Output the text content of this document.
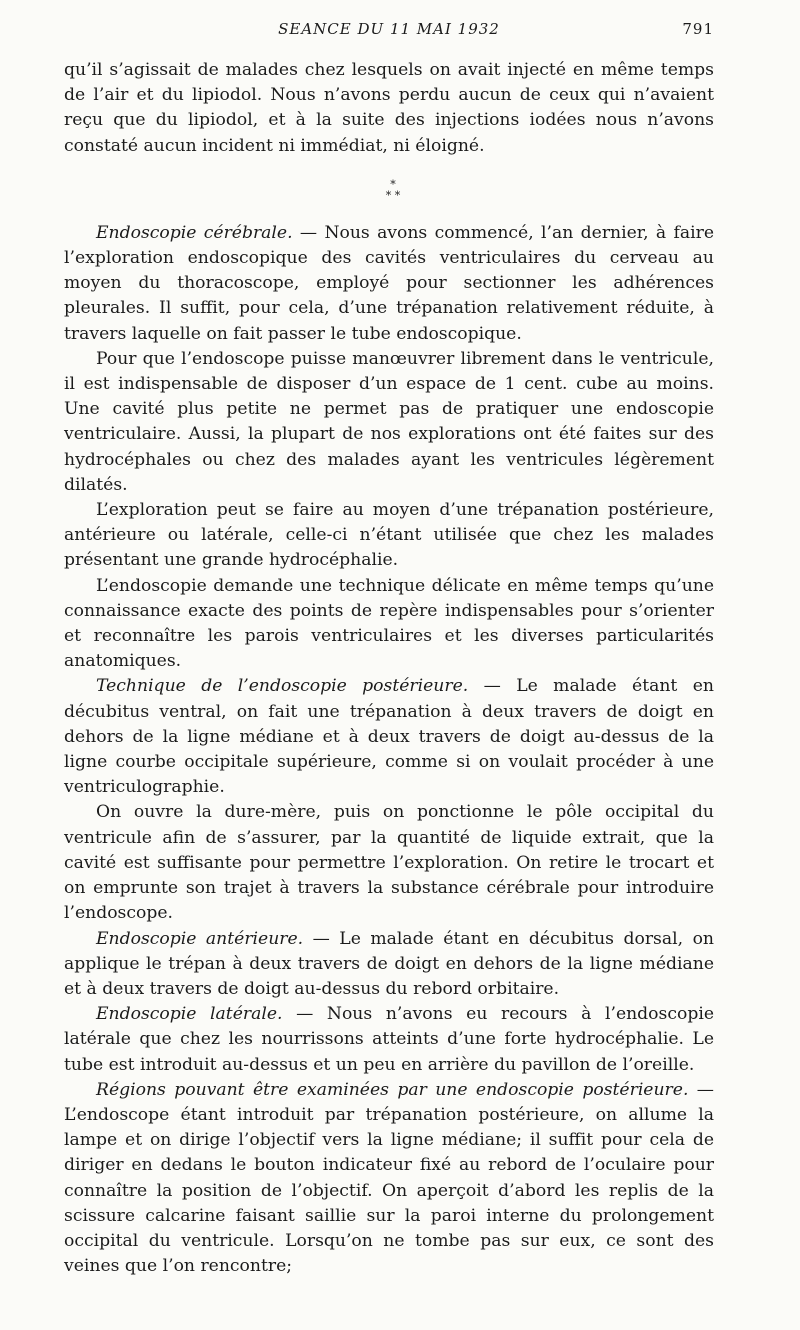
SEANCE DU 11 MAI 1932	791

qu’il s’agissait de malades chez lesquels on avait injecté en même temps de l’air et du lipiodol. Nous n’avons perdu aucun de ceux qui n’avaient reçu que du lipiodol, et à la suite des injections iodées nous n’avons constaté aucun incident ni immédiat, ni éloigné.

*
* *

Endoscopie cérébrale. — Nous avons commencé, l’an dernier, à faire l’exploration endoscopique des cavités ventriculaires du cerveau au moyen du thoracoscope, employé pour sectionner les adhérences pleurales. Il suffit, pour cela, d’une trépanation relativement réduite, à travers laquelle on fait passer le tube endoscopique.

Pour que l’endoscope puisse manœuvrer librement dans le ventricule, il est indispensable de disposer d’un espace de 1 cent. cube au moins. Une cavité plus petite ne permet pas de pratiquer une endoscopie ventriculaire. Aussi, la plupart de nos explorations ont été faites sur des hydrocéphales ou chez des malades ayant les ventricules légèrement dilatés.

L’exploration peut se faire au moyen d’une trépanation postérieure, antérieure ou latérale, celle-ci n’étant utilisée que chez les malades présentant une grande hydrocéphalie.

L’endoscopie demande une technique délicate en même temps qu’une connaissance exacte des points de repère indispensables pour s’orienter et reconnaître les parois ventriculaires et les diverses particularités anatomiques.

Technique de l’endoscopie postérieure. — Le malade étant en décubitus ventral, on fait une trépanation à deux travers de doigt en dehors de la ligne médiane et à deux travers de doigt au-dessus de la ligne courbe occipitale supérieure, comme si on voulait procéder à une ventriculographie.

On ouvre la dure-mère, puis on ponctionne le pôle occipital du ventricule afin de s’assurer, par la quantité de liquide extrait, que la cavité est suffisante pour permettre l’exploration. On retire le trocart et on emprunte son trajet à travers la substance cérébrale pour introduire l’endoscope.

Endoscopie antérieure. — Le malade étant en décubitus dorsal, on applique le trépan à deux travers de doigt en dehors de la ligne médiane et à deux travers de doigt au-dessus du rebord orbitaire.

Endoscopie latérale. — Nous n’avons eu recours à l’endoscopie latérale que chez les nourrissons atteints d’une forte hydrocéphalie. Le tube est introduit au-dessus et un peu en arrière du pavillon de l’oreille.

Régions pouvant être examinées par une endoscopie postérieure. — L’endoscope étant introduit par trépanation postérieure, on allume la lampe et on dirige l’objectif vers la ligne médiane; il suffit pour cela de diriger en dedans le bouton indicateur fixé au rebord de l’oculaire pour connaître la position de l’objectif. On aperçoit d’abord les replis de la scissure calcarine faisant saillie sur la paroi interne du prolongement occipital du ventricule. Lorsqu’on ne tombe pas sur eux, ce sont des veines que l’on rencontre;
